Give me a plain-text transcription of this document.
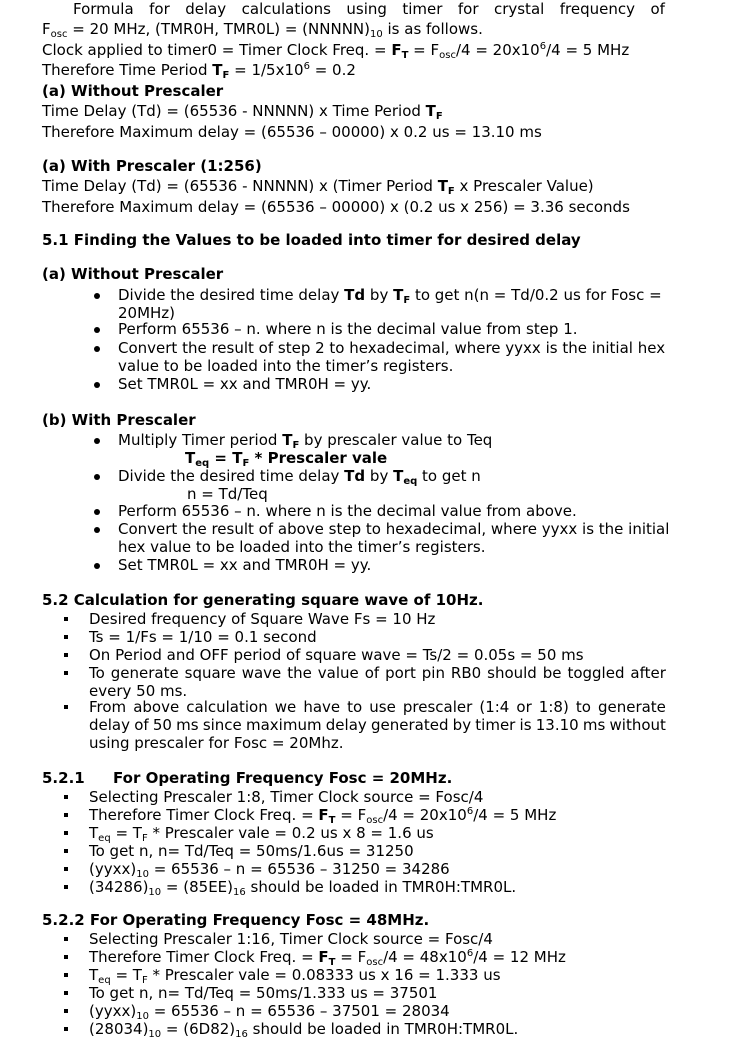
Formula for delay calculations using timer for crystal frequency of
$F_{osc} = 20$ MHz, (TMR0H, $TMR0L) = (NNNNN)_{10}$ is as follows.
Clock applied to timer0 = Timer Clock Freq. = $F_T = F_{osc}/4 = 20x10^6/4 = 5$ MHz
Therefore Time Period $T_F = 1/5x10^6 = 0.2$
(a) Without Prescaler
Time Delay (Td) = (65536 - NNNNN) x Time Period $T_F$
Therefore Maximum delay = (65536 – 00000) x 0.2 us = 13.10 ms
(a) With Prescaler (1:256)
Time Delay (Td) = (65536 - NNNNN) x (Timer Period $T_F$ x Prescaler Value)
Therefore Maximum delay = (65536 – 00000) x (0.2 us x 256) = 3.36 seconds
5.1 Finding the Values to be loaded into timer for desired delay
(a) Without Prescaler
Divide the desired time delay Td by $T_F$ to get n(n = Td/0.2 us for Fosc =
20MHz)
Perform 65536 – n. where n is the decimal value from step 1.
Convert the result of step 2 to hexadecimal, where yyxx is the initial hex
value to be loaded into the timer’s registers.
Set TMR0L = xx and TMR0H = yy.
(b) With Prescaler
Multiply Timer period $T_F$ by prescaler value to Teq
$T_{eq} = T_F$ * Prescaler vale
Divide the desired time delay Td by $T_{eq}$ to get n
n = Td/Teq
Perform 65536 – n. where n is the decimal value from above.
Convert the result of above step to hexadecimal, where yyxx is the initial
hex value to be loaded into the timer’s registers.
Set TMR0L = xx and TMR0H = yy.
5.2 Calculation for generating square wave of 10Hz.
Desired frequency of Square Wave Fs = 10 Hz
Ts = 1/Fs = 1/10 = 0.1 second
On Period and OFF period of square wave = Ts/2 = 0.05s = 50 ms
To generate square wave the value of port pin RB0 should be toggled after
every 50 ms.
From above calculation we have to use prescaler (1:4 or 1:8) to generate
delay of 50 ms since maximum delay generated by timer is 13.10 ms without
using prescaler for Fosc = 20Mhz.
5.2.1 For Operating Frequency Fosc = 20MHz.
Selecting Prescaler 1:8, Timer Clock source = Fosc/4
Therefore Timer Clock Freq. = $F_T = F_{osc}/4 = 20x10^6/4 = 5$ MHz
$T_{eq} = T_F$ * Prescaler vale = 0.2 us x 8 = 1.6 us
To get n, n= Td/Teq = 50ms/1.6us = 31250
$(yyxx)_{10} = 65536 - n = 65536 - 31250 = 34286$
$(34286)_{10} = (85EE)_{16}$ should be loaded in TMR0H:TMR0L.
5.2.2 For Operating Frequency Fosc = 48MHz.
Selecting Prescaler 1:16, Timer Clock source = Fosc/4
Therefore Timer Clock Freq. = $F_T = F_{osc}/4 = 48x10^6/4 = 12$ MHz
$T_{eq} = T_F$ * Prescaler vale = 0.08333 us x 16 = 1.333 us
To get n, n= Td/Teq = 50ms/1.333 us = 37501
$(yyxx)_{10} = 65536 - n = 65536 - 37501 = 28034$
$(28034)_{10} = (6D82)_{16}$ should be loaded in TMR0H:TMR0L.
